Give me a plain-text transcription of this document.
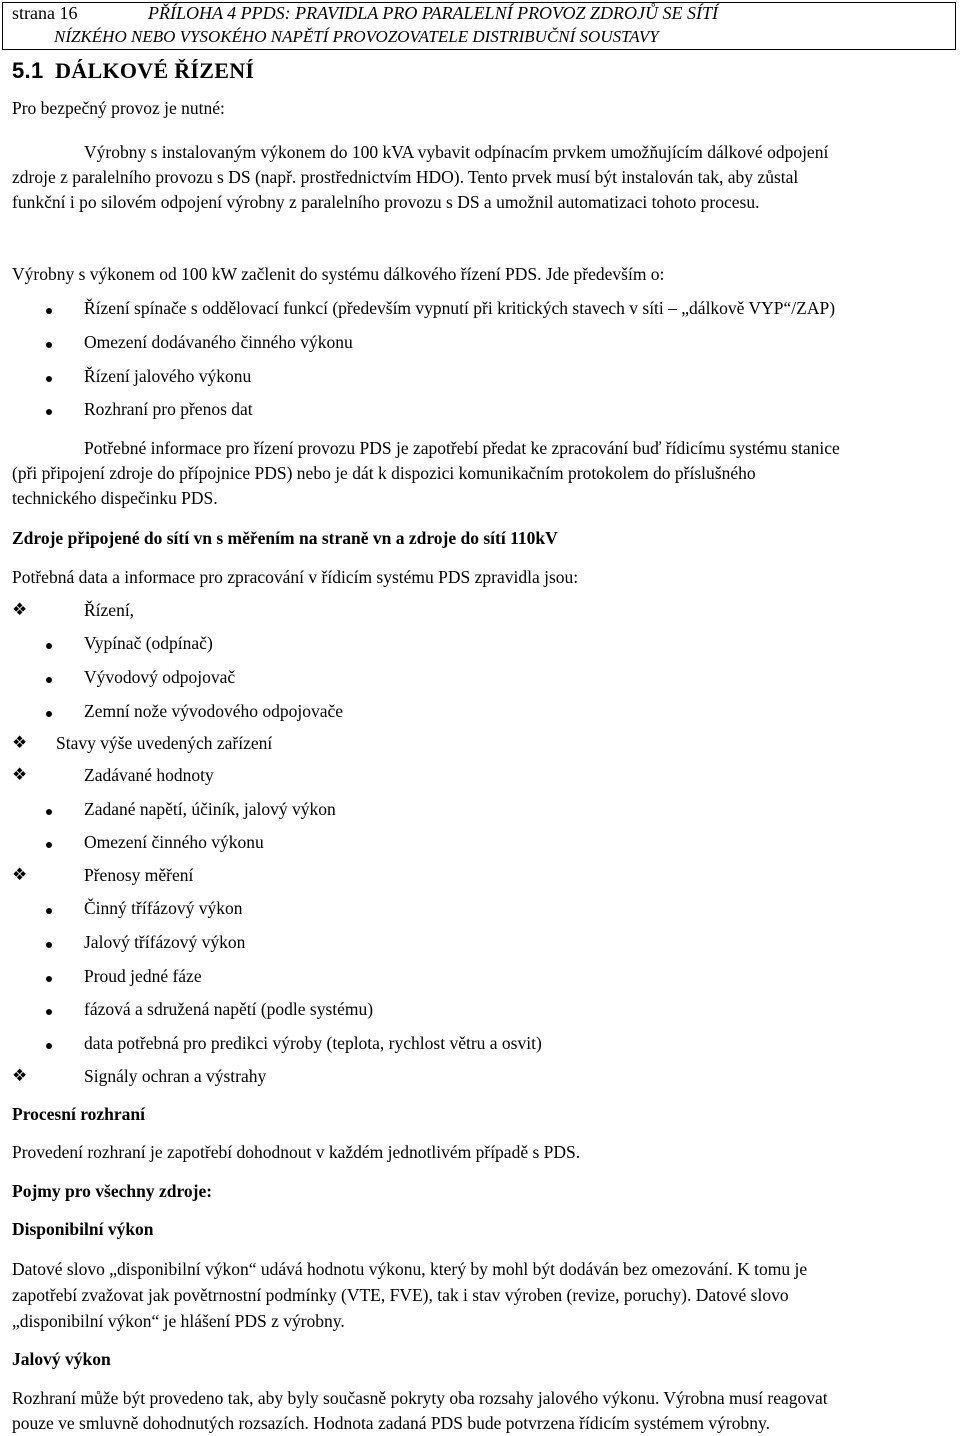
strana 16	PŘÍLOHA 4 PPDS: PRAVIDLA PRO PARALELNÍ PROVOZ ZDROJŮ SE SÍTÍ
NÍZKÉHO NEBO VYSOKÉHO NAPĚTÍ PROVOZOVATELE DISTRIBUČNÍ SOUSTAVY
5.1 DÁLKOVÉ ŘÍZENÍ
Pro bezpečný provoz je nutné:
Výrobny s instalovaným výkonem do 100 kVA vybavit odpínacím prvkem umožňujícím dálkové odpojení
zdroje z paralelního provozu s DS (např. prostřednictvím HDO). Tento prvek musí být instalován tak, aby zůstal
funkční i po silovém odpojení výrobny z paralelního provozu s DS a umožnil automatizaci tohoto procesu.
Výrobny s výkonem od 100 kW začlenit do systému dálkového řízení PDS. Jde především o:
Řízení spínače s oddělovací funkcí (především vypnutí při kritických stavech v síti – „dálkově VYP“/ZAP)
Omezení dodávaného činného výkonu
Řízení jalového výkonu
Rozhraní pro přenos dat
Potřebné informace pro řízení provozu PDS je zapotřebí předat ke zpracování buď řídicímu systému stanice
(při připojení zdroje do přípojnice PDS) nebo je dát k dispozici komunikačním protokolem do příslušného
technického dispečinku PDS.
Zdroje připojené do sítí vn s měřením na straně vn a zdroje do sítí 110kV
Potřebná data a informace pro zpracování v řídicím systému PDS zpravidla jsou:
❖	Řízení,
Vypínač (odpínač)
Vývodový odpojovač
Zemní nože vývodového odpojovače
❖ Stavy výše uvedených zařízení
❖	Zadávané hodnoty
Zadané napětí, účiník, jalový výkon
Omezení činného výkonu
❖	Přenosy měření
Činný třífázový výkon
Jalový třífázový výkon
Proud jedné fáze
fázová a sdružená napětí (podle systému)
data potřebná pro predikci výroby (teplota, rychlost větru a osvit)
❖	Signály ochran a výstrahy
Procesní rozhraní
Provedení rozhraní je zapotřebí dohodnout v každém jednotlivém případě s PDS.
Pojmy pro všechny zdroje:
Disponibilní výkon
Datové slovo „disponibilní výkon“ udává hodnotu výkonu, který by mohl být dodáván bez omezování. K tomu je
zapotřebí zvažovat jak povětrnostní podmínky (VTE, FVE), tak i stav výroben (revize, poruchy). Datové slovo
„disponibilní výkon“ je hlášení PDS z výrobny.
Jalový výkon
Rozhraní může být provedeno tak, aby byly současně pokryty oba rozsahy jalového výkonu. Výrobna musí reagovat
pouze ve smluvně dohodnutých rozsazích. Hodnota zadaná PDS bude potvrzena řídicím systémem výrobny.
